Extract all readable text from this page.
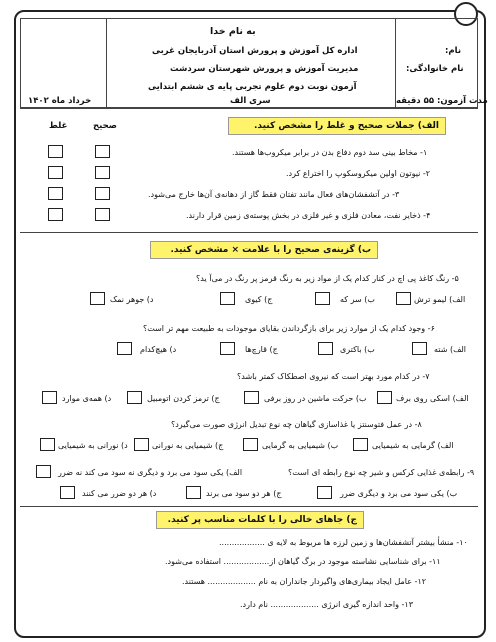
به نام خدا
اداره کل آموزش و پرورش استان آذربایجان غربی
مدیریت آموزش و پرورش شهرستان سردشت
آزمون نوبت دوم علوم تجربی پایه ی ششم ابتدایی
سری الف
خرداد ماه ۱۴۰۲
نام:
نام خانوادگی:
مدت آزمون: ۵۵ دقیقه
الف) جملات صحیح و غلط را مشخص کنید.
صحیح
غلط
۱- مخاط بینی سد دوم دفاع بدن در برابر میکروب‌ها هستند.
۲- نیوتون اولین میکروسکوپ را اختراع کرد.
۳- در آتشفشان‌های فعال مانند تفتان فقط گاز از دهانه‌ی آن‌ها خارج می‌شود.
۴- ذخایر نفت، معادن فلزی و غیر فلزی در بخش پوسته‌ی زمین قرار دارند.
ب) گزینه‌ی صحیح را با علامت × مشخص کنید.
۵- رنگ کاغذ پی اچ در کنار کدام یک از مواد زیر به رنگ قرمز پر رنگ در می‌آ ید؟
الف) لیمو ترش
ب) سر که
ج) کیوی
د) جوهر نمک
۶- وجود کدام یک از موارد زیر برای بازگرداندن بقایای موجودات به طبیعت مهم تر است؟
الف) شته
ب) باکتری
ج) قارچ‌ها
د) هیچ‌کدام
۷- در کدام مورد بهتر است که نیروی اصطکاک کمتر باشد؟
الف) اسکی روی برف
ب) حرکت ماشین در روز برفی
ج) ترمز کردن اتومبیل
د) همه‌ی موارد
۸- در عمل فتوسنتز یا غذاسازی گیاهان چه نوع تبدیل انرژی صورت می‌گیرد؟
الف) گرمایی به شیمیایی
ب) شیمیایی به گرمایی
ج) شیمیایی به نورانی
د) نورانی به شیمیایی
۹- رابطه‌ی غذایی کرکس و شیر چه نوع رابطه ای است؟
الف) یکی سود می برد و دیگری نه سود می کند نه ضرر
ب) یکی سود می برد و دیگری ضرر
ج) هر دو سود می برند
د) هر دو ضرر می کنند
ج) جاهای خالی را با کلمات مناسب پر کنید.
۱۰- منشأ بیشتر آتشفشان‌ها و زمین لرزه ها مربوط به لایه ی ..................
۱۱- برای شناسایی نشاسته موجود در برگ گیاهان از.................. استفاده می‌شود.
۱۲- عامل ایجاد بیماری‌های واگیردار جانداران به نام ................... هستند.
۱۳- واحد اندازه گیری انرژی ................... نام دارد.
